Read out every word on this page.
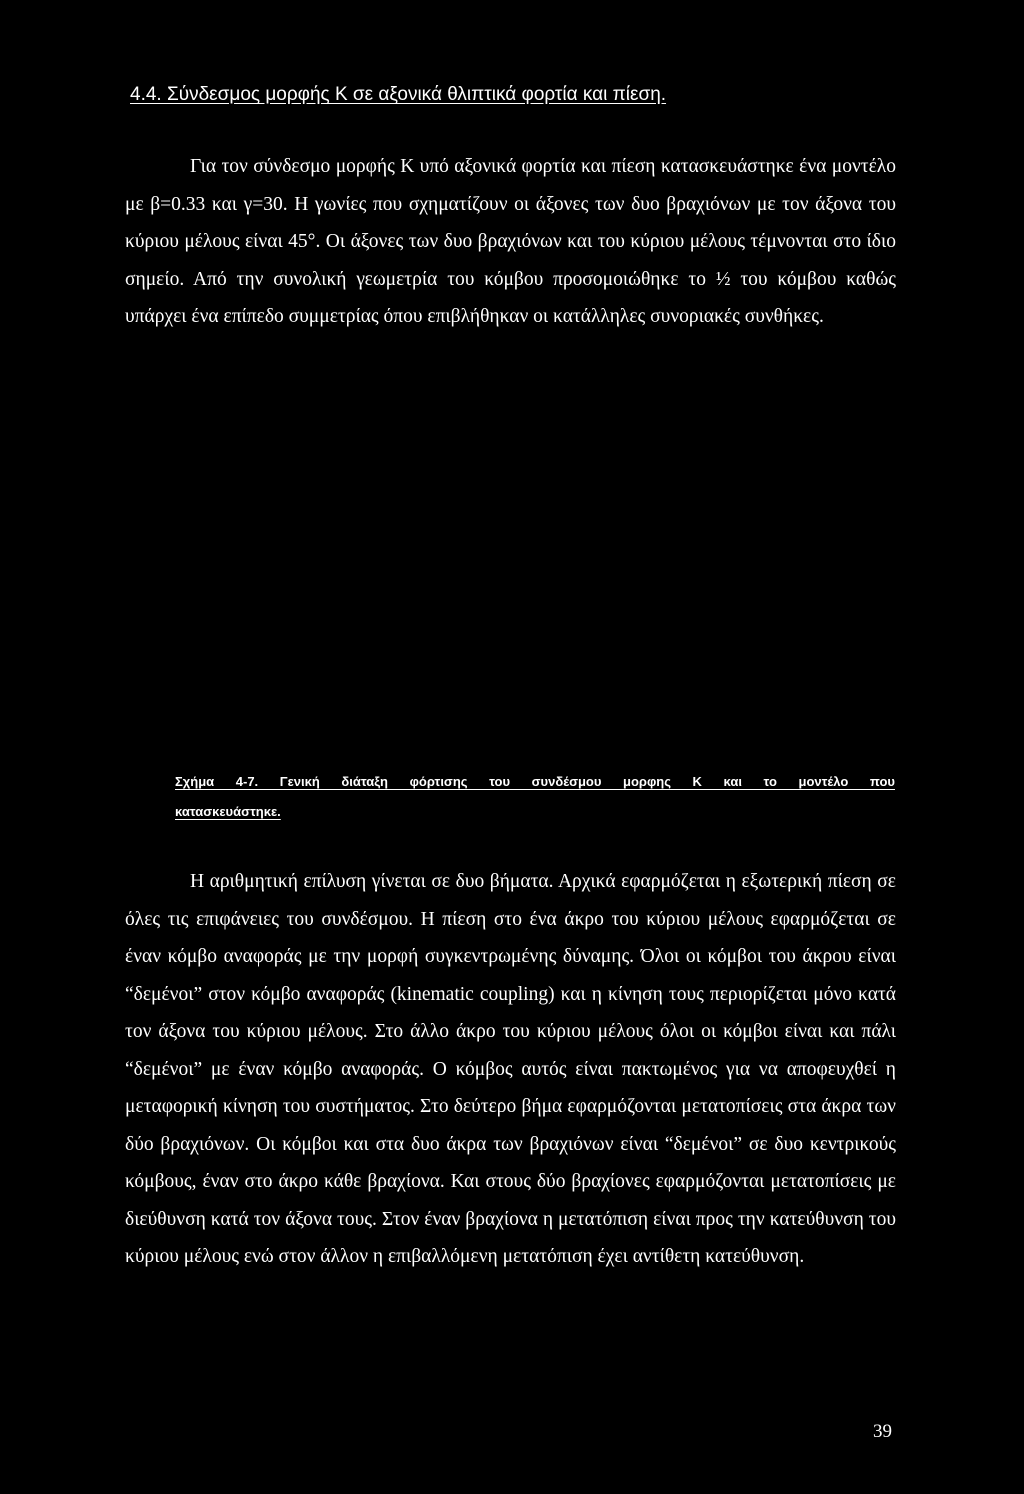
4.4. Σύνδεσμος μορφής Κ σε αξονικά θλιπτικά φορτία και πίεση.

Για τον σύνδεσμο μορφής Κ υπό αξονικά φορτία και πίεση κατασκευάστηκε ένα μοντέλο με β=0.33 και γ=30. Η γωνίες που σχηματίζουν οι άξονες των δυο βραχιόνων με τον άξονα του κύριου μέλους είναι 45°. Οι άξονες των δυο βραχιόνων και του κύριου μέλους τέμνονται στο ίδιο σημείο. Από την συνολική γεωμετρία του κόμβου προσομοιώθηκε το ½ του κόμβου καθώς υπάρχει ένα επίπεδο συμμετρίας όπου επιβλήθηκαν οι κατάλληλες συνοριακές συνθήκες.

Σχήμα 4-7. Γενική διάταξη φόρτισης του συνδέσμου μορφης Κ και το μοντέλο που
κατασκευάστηκε.

Η αριθμητική επίλυση γίνεται σε δυο βήματα. Αρχικά εφαρμόζεται η εξωτερική πίεση σε όλες τις επιφάνειες του συνδέσμου. Η πίεση στο ένα άκρο του κύριου μέλους εφαρμόζεται σε έναν κόμβο αναφοράς με την μορφή συγκεντρωμένης δύναμης. Όλοι οι κόμβοι του άκρου είναι “δεμένοι” στον κόμβο αναφοράς (kinematic coupling) και η κίνηση τους περιορίζεται μόνο κατά τον άξονα του κύριου μέλους. Στο άλλο άκρο του κύριου μέλους όλοι οι κόμβοι είναι και πάλι “δεμένοι” με έναν κόμβο αναφοράς. Ο κόμβος αυτός είναι πακτωμένος για να αποφευχθεί η μεταφορική κίνηση του συστήματος. Στο δεύτερο βήμα εφαρμόζονται μετατοπίσεις στα άκρα των δύο βραχιόνων. Οι κόμβοι και στα δυο άκρα των βραχιόνων είναι “δεμένοι” σε δυο κεντρικούς κόμβους, έναν στο άκρο κάθε βραχίονα. Και στους δύο βραχίονες εφαρμόζονται μετατοπίσεις με διεύθυνση κατά τον άξονα τους. Στον έναν βραχίονα η μετατόπιση είναι προς την κατεύθυνση του κύριου μέλους ενώ στον άλλον η επιβαλλόμενη μετατόπιση έχει αντίθετη κατεύθυνση.

39
